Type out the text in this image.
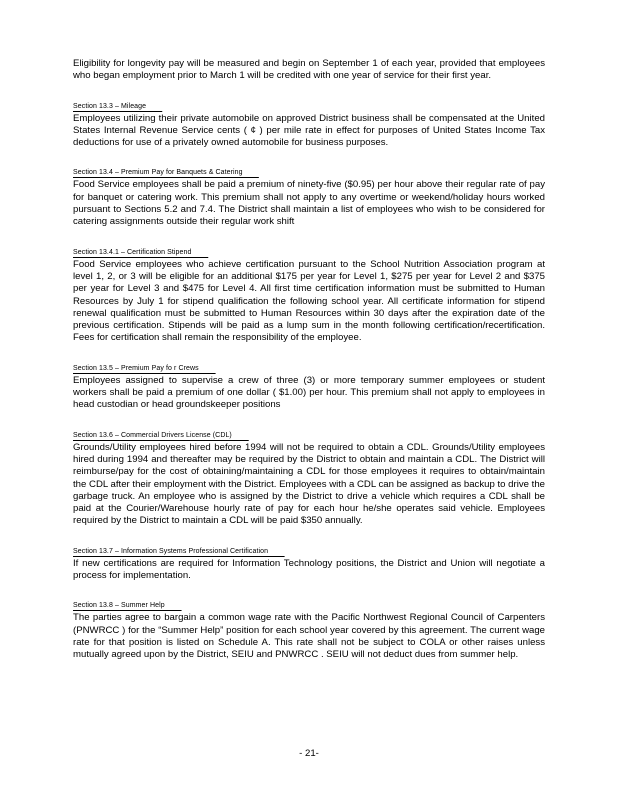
Eligibility for longevity pay will be measured and begin on September 1 of each year, provided that employees who began employment prior to March 1 will be credited with one year of service for their first year.

Section 13.3 – Mileage

Employees utilizing their private automobile on approved District business shall be compensated at the United States Internal Revenue Service cents ( ¢ ) per mile rate in effect for purposes of United States Income Tax deductions for use of a privately owned automobile for business purposes.

Section 13.4 – Premium Pay for Banquets & Catering

Food Service employees shall be paid a premium of ninety-five ($0.95) per hour above their regular rate of pay for banquet or catering work. This premium shall not apply to any overtime or weekend/holiday hours worked pursuant to Sections 5.2 and 7.4. The District shall maintain a list of employees who wish to be considered for catering assignments outside their regular work shift

Section 13.4.1 – Certification Stipend

Food Service employees who achieve certification pursuant to the School Nutrition Association program at level 1, 2, or 3 will be eligible for an additional $175 per year for Level 1, $275 per year for Level 2 and $375 per year for Level 3 and $475 for Level 4. All first time certification information must be submitted to Human Resources by July 1 for stipend qualification the following school year. All certificate information for stipend renewal qualification must be submitted to Human Resources within 30 days after the expiration date of the previous certification. Stipends will be paid as a lump sum in the month following certification/recertification. Fees for certification shall remain the responsibility of the employee.

Section 13.5 – Premium Pay fo r Crews

Employees assigned to supervise a crew of three (3) or more temporary summer employees or student workers shall be paid a premium of one dollar ( $1.00) per hour. This premium shall not apply to employees in head custodian or head groundskeeper positions

Section 13.6 – Commercial Drivers License (CDL)

Grounds/Utility employees hired before 1994 will not be required to obtain a CDL. Grounds/Utility employees hired during 1994 and thereafter may be required by the District to obtain and maintain a CDL. The District will reimburse/pay for the cost of obtaining/maintaining a CDL for those employees it requires to obtain/maintain the CDL after their employment with the District. Employees with a CDL can be assigned as backup to drive the garbage truck. An employee who is assigned by the District to drive a vehicle which requires a CDL shall be paid at the Courier/Warehouse hourly rate of pay for each hour he/she operates said vehicle. Employees required by the District to maintain a CDL will be paid $350 annually.

Section 13.7 – Information Systems Professional Certification

If new certifications are required for Information Technology positions, the District and Union will negotiate a process for implementation.

Section 13.8 – Summer Help

The parties agree to bargain a common wage rate with the Pacific Northwest Regional Council of Carpenters (PNWRCC ) for the “Summer Help” position for each school year covered by this agreement. The current wage rate for that position is listed on Schedule A. This rate shall not be subject to COLA or other raises unless mutually agreed upon by the District, SEIU and PNWRCC . SEIU will not deduct dues from summer help.

- 21-
